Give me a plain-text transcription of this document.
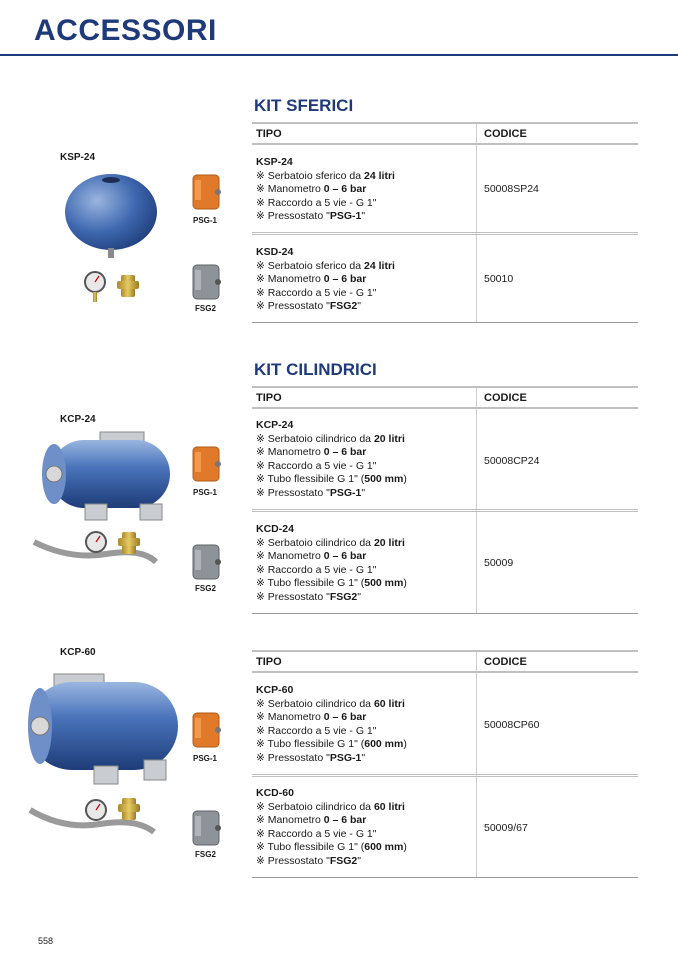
ACCESSORI
KIT SFERICI
TIPO	CODICE
KSP-24
※ Serbatoio sferico da 24 litri
※ Manometro 0 – 6 bar
※ Raccordo a 5 vie - G 1"
※ Pressostato "PSG-1"
50008SP24
KSD-24
※ Serbatoio sferico da 24 litri
※ Manometro 0 – 6 bar
※ Raccordo a 5 vie - G 1"
※ Pressostato "FSG2"
50010
KSP-24
PSG-1
FSG2
KIT CILINDRICI
TIPO	CODICE
KCP-24
※ Serbatoio cilindrico da 20 litri
※ Manometro 0 – 6 bar
※ Raccordo a 5 vie - G 1"
※ Tubo flessibile G 1" (500 mm)
※ Pressostato "PSG-1"
50008CP24
KCD-24
※ Serbatoio cilindrico da 20 litri
※ Manometro 0 – 6 bar
※ Raccordo a 5 vie - G 1"
※ Tubo flessibile G 1" (500 mm)
※ Pressostato "FSG2"
50009
KCP-24
PSG-1
FSG2
TIPO	CODICE
KCP-60
※ Serbatoio cilindrico da 60 litri
※ Manometro 0 – 6 bar
※ Raccordo a 5 vie - G 1"
※ Tubo flessibile G 1" (600 mm)
※ Pressostato "PSG-1"
50008CP60
KCD-60
※ Serbatoio cilindrico da 60 litri
※ Manometro 0 – 6 bar
※ Raccordo a 5 vie - G 1"
※ Tubo flessibile G 1" (600 mm)
※ Pressostato "FSG2"
50009/67
KCP-60
PSG-1
FSG2
558
